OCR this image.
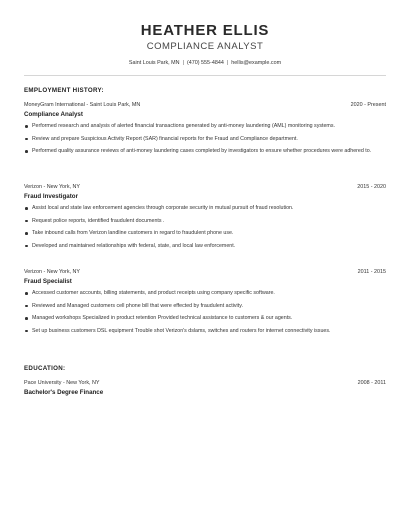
HEATHER ELLIS
COMPLIANCE ANALYST
Saint Louis Park, MN | (470) 555-4844 | hellis@example.com
EMPLOYMENT HISTORY:
MoneyGram International - Saint Louis Park, MN	2020 - Present
Compliance Analyst
Performed research and analysis of alerted financial transactions generated by anti-money laundering (AML) monitoring systems.
Review and prepare Suspicious Activity Report (SAR) financial reports for the Fraud and Compliance department.
Performed quality assurance reviews of anti-money laundering cases completed by investigators to ensure whether procedures were adhered to.
Verizon - New York, NY	2015 - 2020
Fraud Investigator
Assist local and state law enforcement agencies through corporate security in mutual pursuit of fraud resolution.
Request police reports, identified fraudulent documents .
Take inbound calls from Verizon landline customers in regard to fraudulent phone use.
Developed and maintained relationships with federal, state, and local law enforcement.
Verizon - New York, NY	2011 - 2015
Fraud Specialist
Accessed customer accounts, billing statements, and product receipts using company specific software.
Reviewed and Managed customers cell phone bill that were effected by fraudulent activity.
Managed workshops Specialized in product retention Provided technical assistance to customers & our agents.
Set up business customers DSL equipment Trouble shot Verizon's dslams, switches and routers for internet connectivity issues.
EDUCATION:
Pace University - New York, NY	2008 - 2011
Bachelor's Degree Finance
